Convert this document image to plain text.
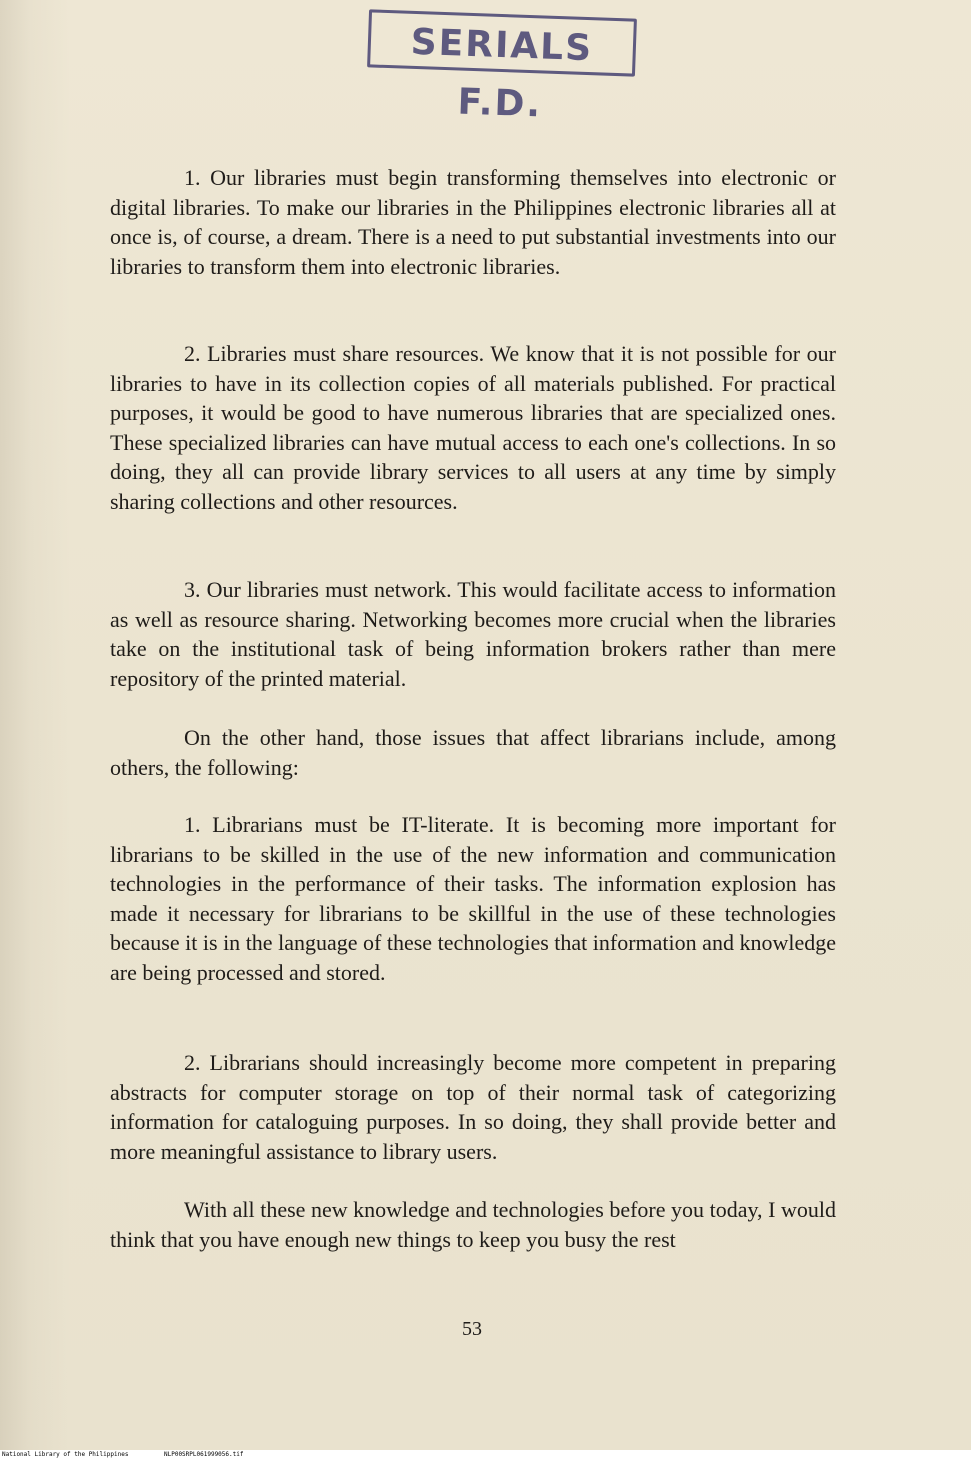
SERIALS F.D.

1. Our libraries must begin transforming themselves into electronic or digital libraries. To make our libraries in the Philippines electronic libraries all at once is, of course, a dream. There is a need to put substantial investments into our libraries to transform them into electronic libraries.

2. Libraries must share resources. We know that it is not possible for our libraries to have in its collection copies of all materials published. For practical purposes, it would be good to have numerous libraries that are specialized ones. These specialized libraries can have mutual access to each one's collections. In so doing, they all can provide library services to all users at any time by simply sharing collections and other resources.

3. Our libraries must network. This would facilitate access to information as well as resource sharing. Networking becomes more crucial when the libraries take on the institutional task of being information brokers rather than mere repository of the printed material.

On the other hand, those issues that affect librarians include, among others, the following:

1. Librarians must be IT-literate. It is becoming more important for librarians to be skilled in the use of the new information and communication technologies in the performance of their tasks. The information explosion has made it necessary for librarians to be skillful in the use of these technologies because it is in the language of these technologies that information and knowledge are being processed and stored.

2. Librarians should increasingly become more competent in preparing abstracts for computer storage on top of their normal task of categorizing information for cataloguing purposes. In so doing, they shall provide better and more meaningful assistance to library users.

With all these new knowledge and technologies before you today, I would think that you have enough new things to keep you busy the rest

53

National Library of the Philippines	NLP00SRPL061999056.tif
